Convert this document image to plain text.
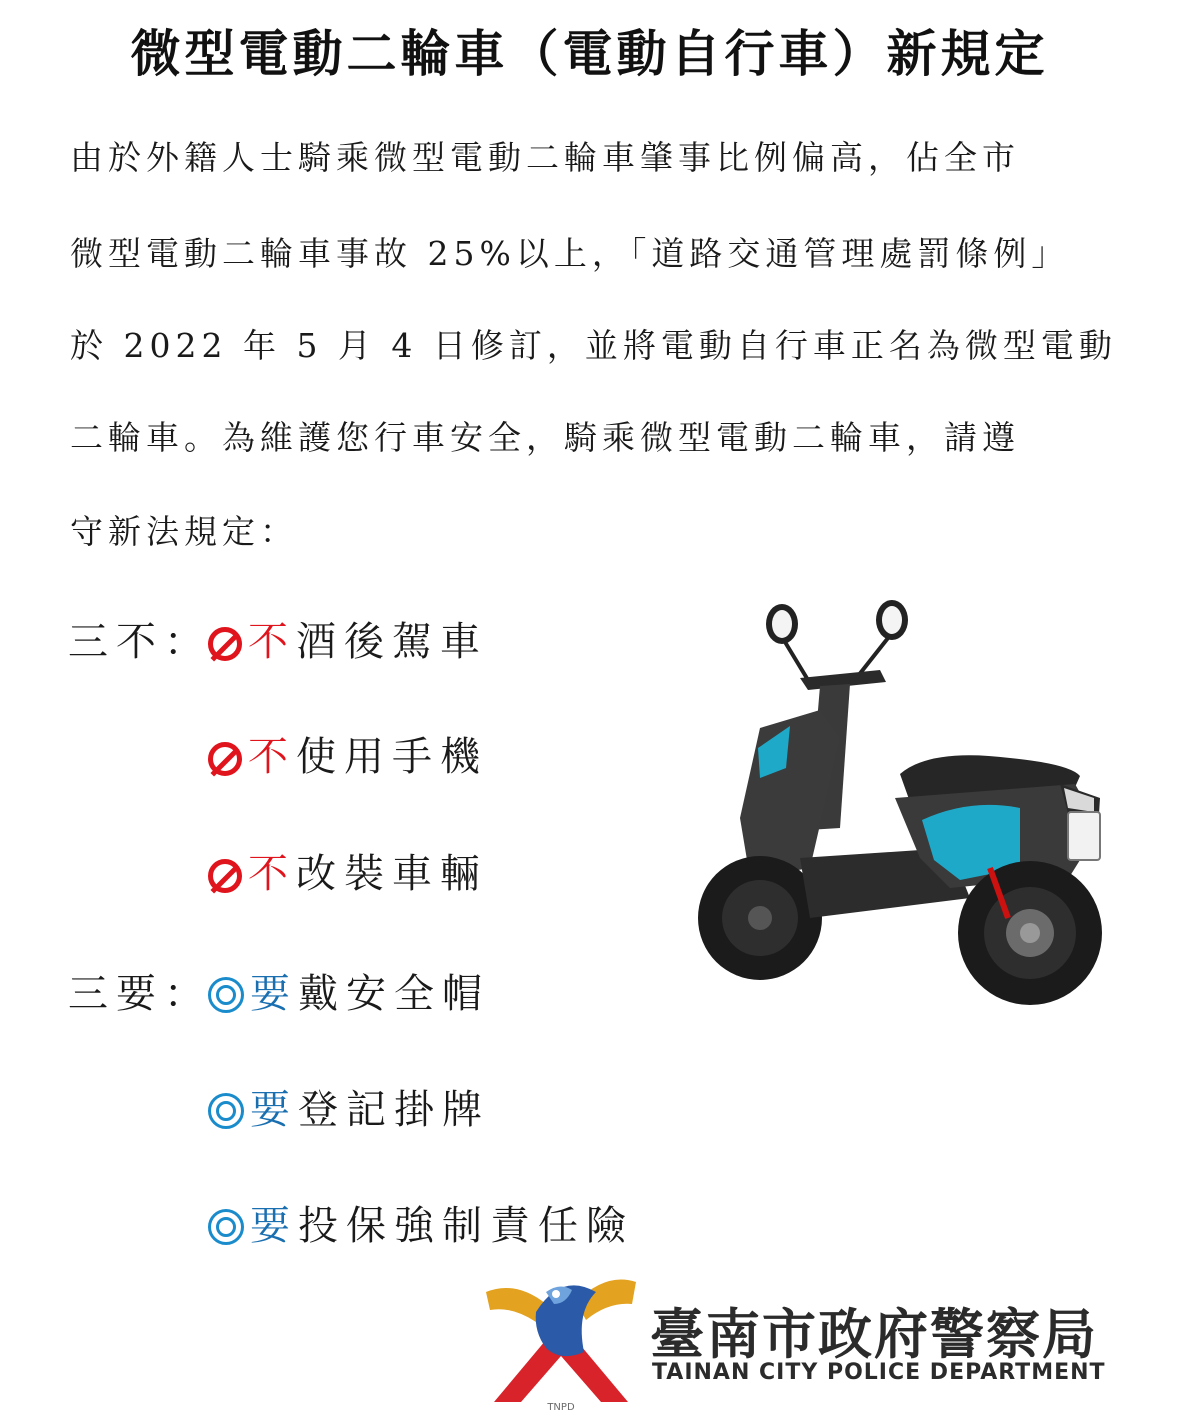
微型電動二輪車（電動自行車）新規定
由於外籍人士騎乘微型電動二輪車肇事比例偏高，佔全市
微型電動二輪車事故 25%以上，「道路交通管理處罰條例」
於 2022 年 5 月 4 日修訂，並將電動自行車正名為微型電動
二輪車。為維護您行車安全，騎乘微型電動二輪車，請遵
守新法規定：
三不： 不酒後駕車
不使用手機
不改裝車輛
三要： 要戴安全帽
要登記掛牌
要投保強制責任險
TNPD
臺南市政府警察局
TAINAN CITY POLICE DEPARTMENT
